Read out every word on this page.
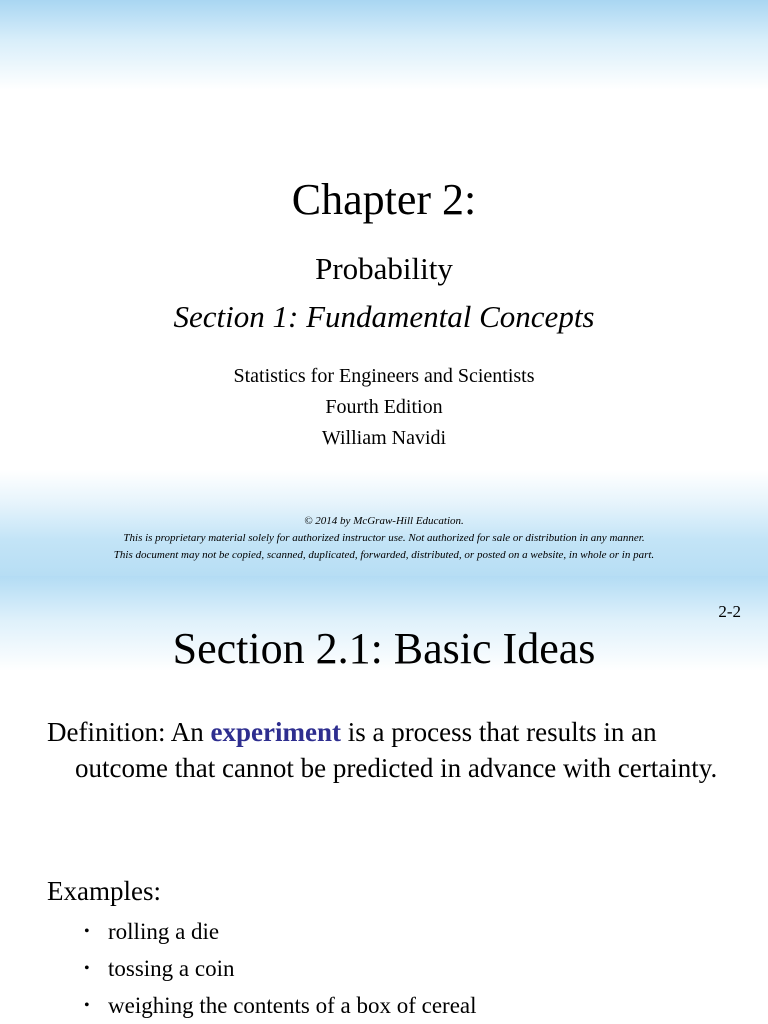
Chapter 2:
Probability
Section 1: Fundamental Concepts
Statistics for Engineers and Scientists
Fourth Edition
William Navidi
© 2014 by McGraw-Hill Education.
This is proprietary material solely for authorized instructor use. Not authorized for sale or distribution in any manner.
This document may not be copied, scanned, duplicated, forwarded, distributed, or posted on a website, in whole or in part.
2-2
Section 2.1: Basic Ideas
Definition: An experiment is a process that results in an outcome that cannot be predicted in advance with certainty.
Examples:
• rolling a die
• tossing a coin
• weighing the contents of a box of cereal
